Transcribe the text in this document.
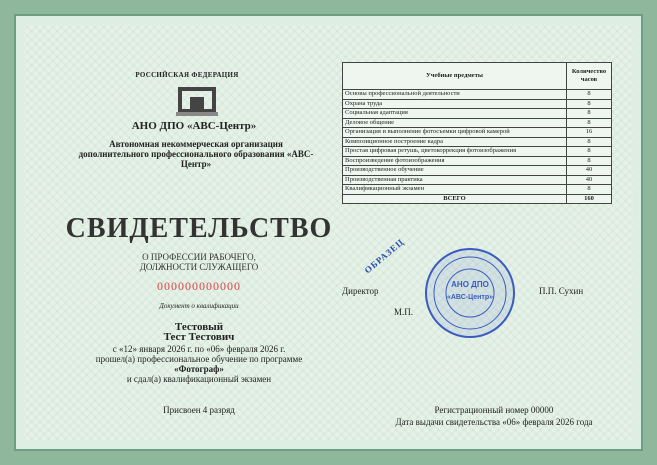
РОССИЙСКАЯ ФЕДЕРАЦИЯ
АНО ДПО «АВС-Центр»
Автономная некоммерческая организация дополнительного профессионального образования «АВС-Центр»
СВИДЕТЕЛЬСТВО
О ПРОФЕССИИ РАБОЧЕГО, ДОЛЖНОСТИ СЛУЖАЩЕГО
000000000000
Документ о квалификации
Тестовый
Тест Тестович
с «12» января 2026 г. по «06» февраля 2026 г.
прошел(а) профессиональное обучение по программе
«Фотограф»
и сдал(а) квалификационный экзамен
Присвоен 4 разряд
Учебные предметы	Количество часов
Основы профессиональной деятельности	8
Охрана труда	8
Социальная адаптация	8
Деловое общение	8
Организация и выполнение фотосъемки цифровой камерой	16
Композиционное построение кадра	8
Простая цифровая ретушь, цветокоррекция фотоизображения	8
Воспроизведение фотоизображения	8
Производственное обучение	40
Производственная практика	40
Квалификационный экзамен	8
ВСЕГО	160
ОБРАЗЕЦ
АНО ДПО
«АВС-Центр»
Директор	П.П. Сухин
М.П.
Регистрационный номер 00000
Дата выдачи свидетельства «06» февраля 2026 года
